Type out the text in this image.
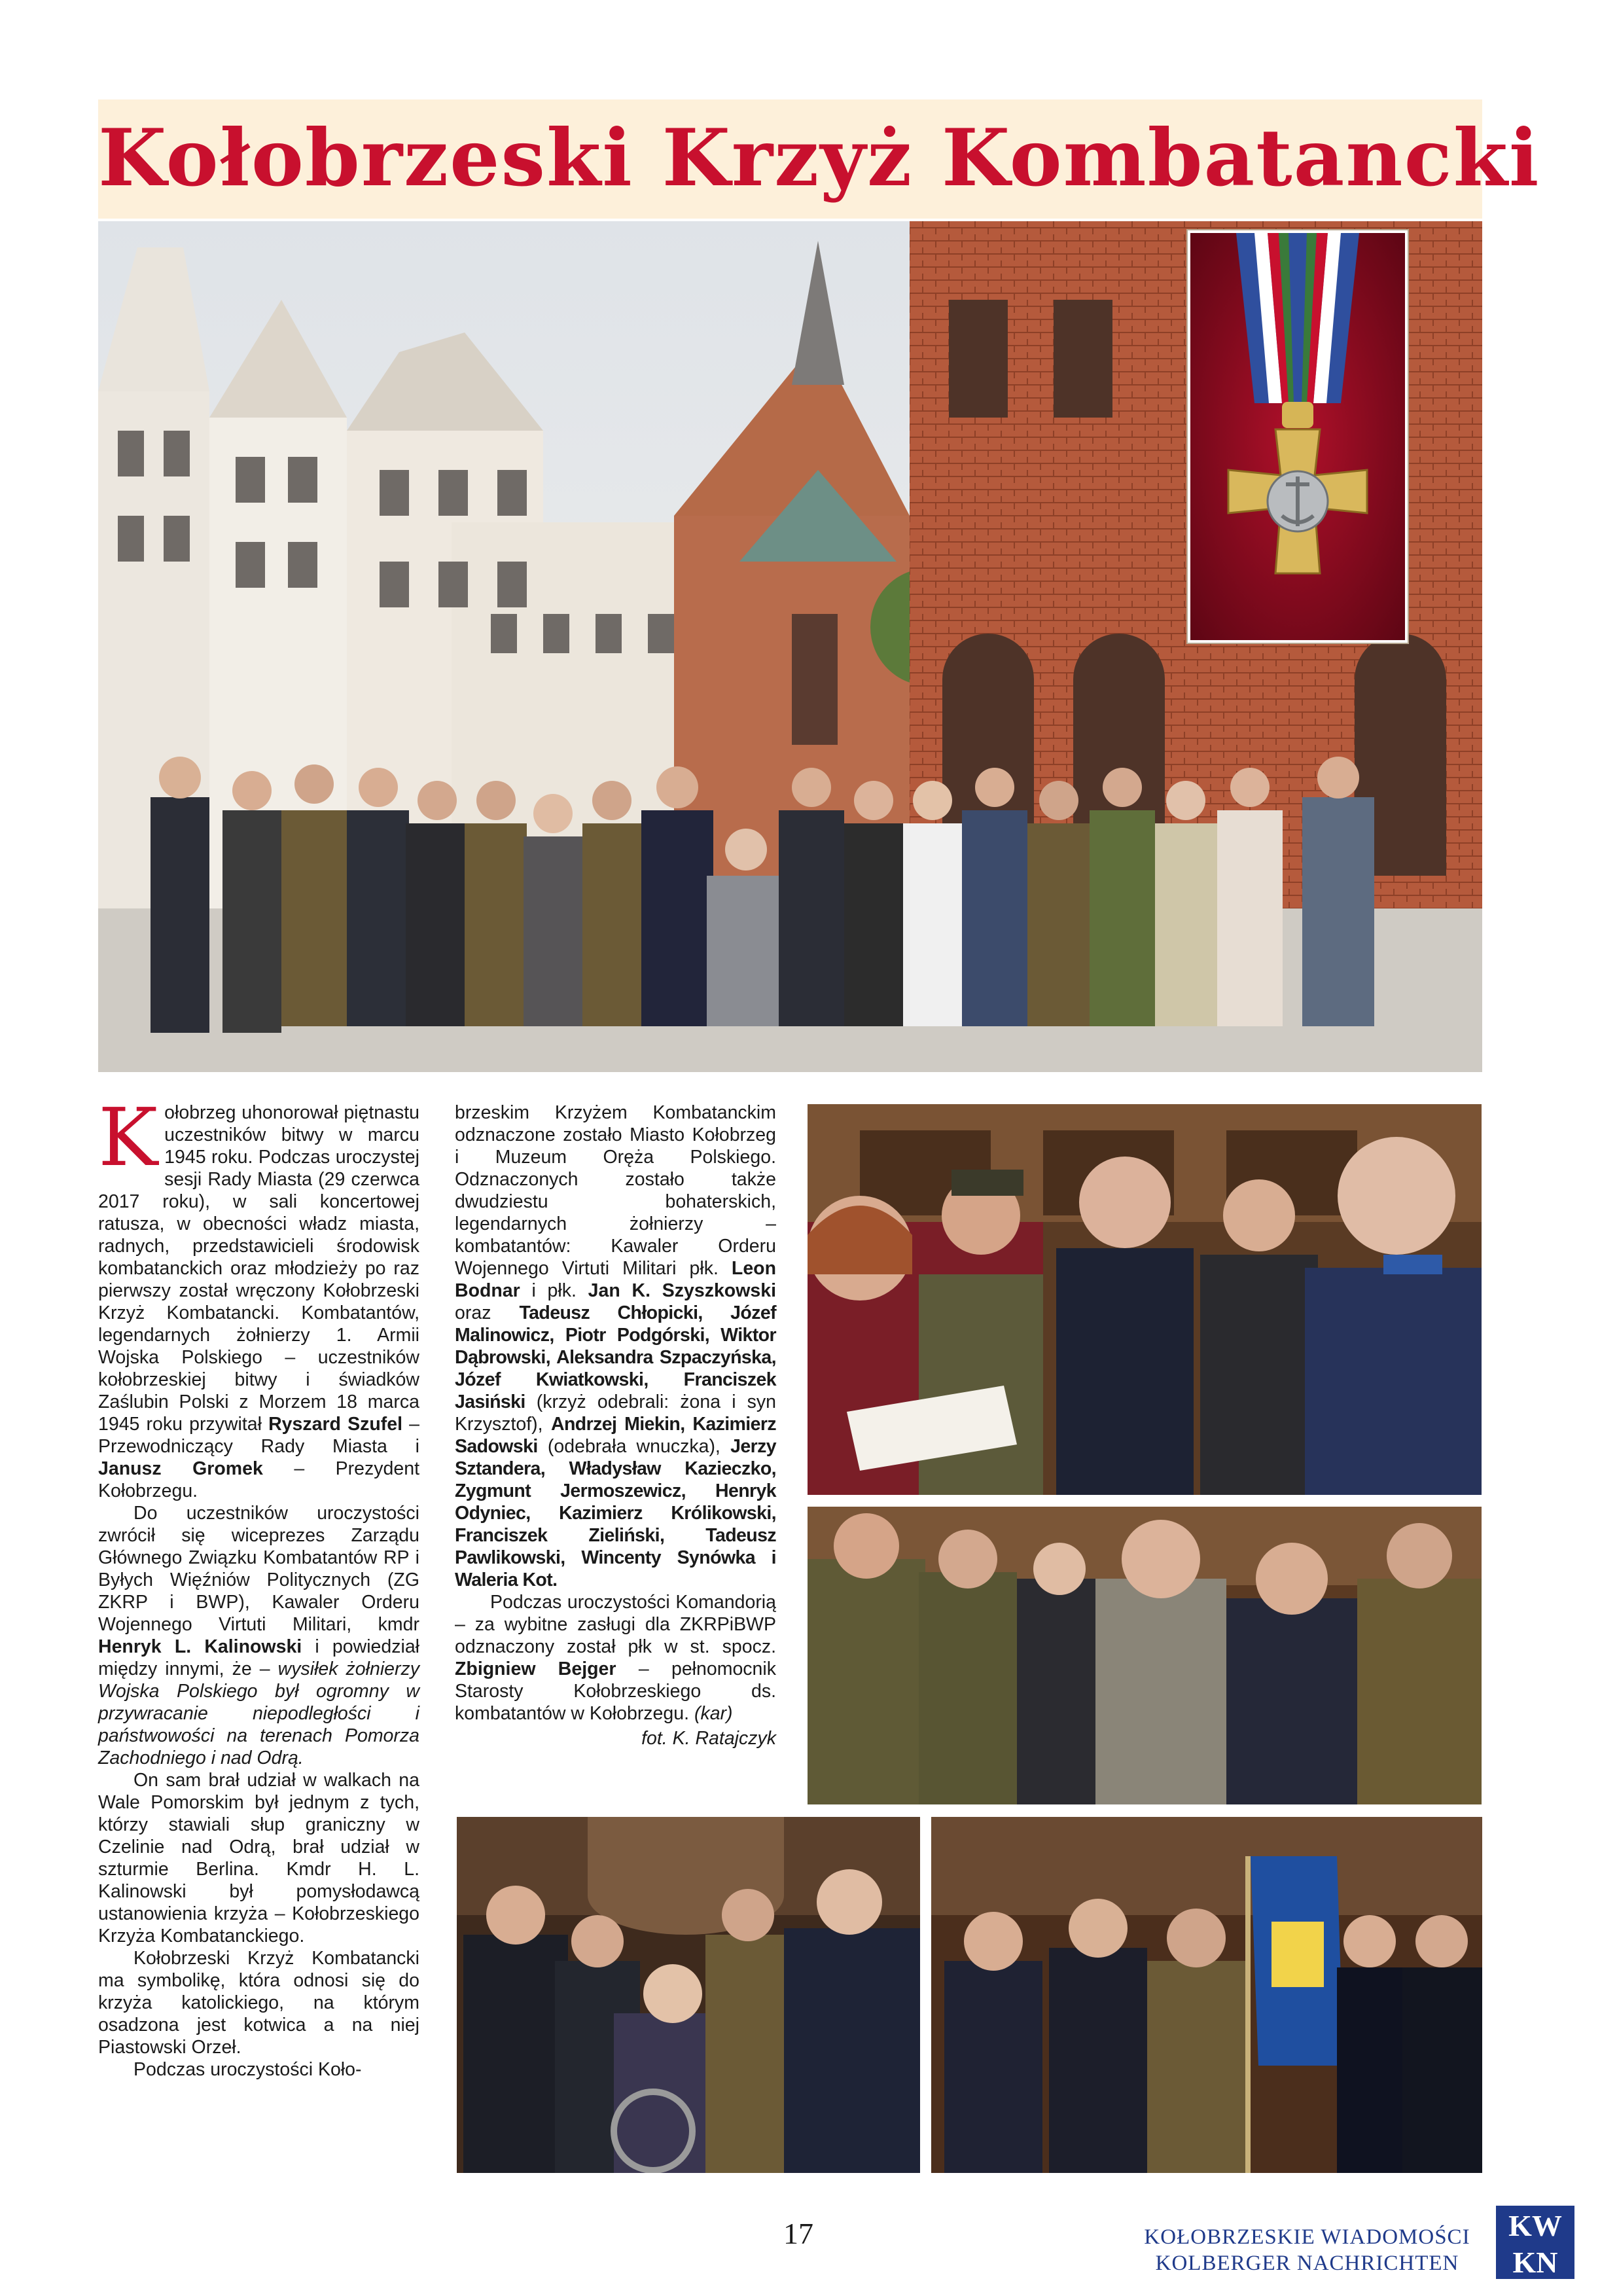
Kołobrzeski Krzyż Kombatancki

Kołobrzeg uhonorował piętnastu uczestników bitwy w marcu 1945 roku. Podczas uroczystej sesji Rady Miasta (29 czerwca 2017 roku), w sali koncertowej ratusza, w obecności władz miasta, radnych, przedstawicieli środowisk kombatanckich oraz młodzieży po raz pierwszy został wręczony Kołobrzeski Krzyż Kombatancki. Kombatantów, legendarnych żołnierzy 1. Armii Wojska Polskiego – uczestników kołobrzeskiej bitwy i świadków Zaślubin Polski z Morzem 18 marca 1945 roku przywitał Ryszard Szufel – Przewodniczący Rady Miasta i Janusz Gromek – Prezydent Kołobrzegu.

Do uczestników uroczystości zwrócił się wiceprezes Zarządu Głównego Związku Kombatantów RP i Byłych Więźniów Politycznych (ZG ZKRP i BWP), Kawaler Orderu Wojennego Virtuti Militari, kmdr Henryk L. Kalinowski i powiedział między innymi, że – wysiłek żołnierzy Wojska Polskiego był ogromny w przywracanie niepodległości i państwowości na terenach Pomorza Zachodniego i nad Odrą.

On sam brał udział w walkach na Wale Pomorskim był jednym z tych, którzy stawiali słup graniczny w Czelinie nad Odrą, brał udział w szturmie Berlina. Kmdr H. L. Kalinowski był pomysłodawcą ustanowienia krzyża – Kołobrzeskiego Krzyża Kombatanckiego.

Kołobrzeski Krzyż Kombatancki ma symbolikę, która odnosi się do krzyża katolickiego, na którym osadzona jest kotwica a na niej Piastowski Orzeł.

Podczas uroczystości Koło-

brzeskim Krzyżem Kombatanckim odznaczone zostało Miasto Kołobrzeg i Muzeum Oręża Polskiego. Odznaczonych zostało także dwudziestu bohaterskich, legendarnych żołnierzy – kombatantów: Kawaler Orderu Wojennego Virtuti Militari płk. Leon Bodnar i płk. Jan K. Szyszkowski oraz Tadeusz Chłopicki, Józef Malinowicz, Piotr Podgórski, Wiktor Dąbrowski, Aleksandra Szpaczyńska, Józef Kwiatkowski, Franciszek Jasiński (krzyż odebrali: żona i syn Krzysztof), Andrzej Miekin, Kazimierz Sadowski (odebrała wnuczka), Jerzy Sztandera, Władysław Kazieczko, Zygmunt Jermoszewicz, Henryk Odyniec, Kazimierz Królikowski, Franciszek Zieliński, Tadeusz Pawlikowski, Wincenty Synówka i Waleria Kot.

Podczas uroczystości Komandorią – za wybitne zasługi dla ZKRPiBWP odznaczony został płk w st. spocz. Zbigniew Bejger – pełnomocnik Starosty Kołobrzeskiego ds. kombatantów w Kołobrzegu. (kar)

fot. K. Ratajczyk
17	KOŁOBRZESKIE WIADOMOŚCI
KOLBERGER NACHRICHTEN
KW
KN
